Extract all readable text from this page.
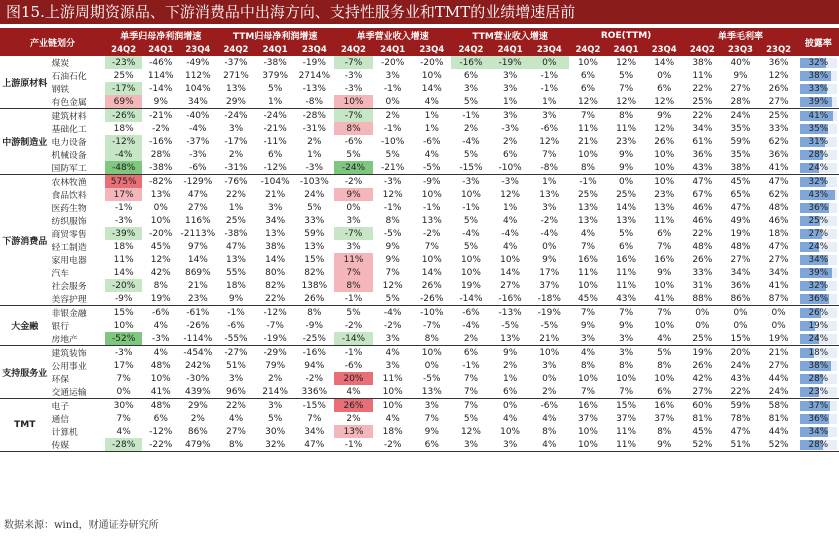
图15.上游周期资源品、下游消费品中出海方向、支持性服务业和TMT的业绩增速居前
产业链划分		单季归母净利润增速			TTM归母净利润增速			单季营业收入增速			TTM营业收入增速			ROE(TTM)			单季毛利率			披露率
		24Q2	24Q1	23Q4	24Q2	24Q1	23Q4	24Q2	24Q1	23Q4	24Q2	24Q1	23Q4	24Q2	24Q1	23Q4	24Q2	23Q3	23Q2	
上游原材料	煤炭	-23%	-46%	-49%	-37%	-38%	-19%	-7%	-20%	-20%	-16%	-19%	0%	10%	12%	14%	38%	40%	36%	32%

	石油石化	25%	114%	112%	271%	379%	2714%	-3%	3%	10%	6%	3%	-1%	6%	5%	0%	11%	9%	12%	38%

	钢铁	-17%	-14%	104%	13%	5%	-13%	-3%	-1%	14%	3%	3%	-1%	6%	7%	6%	22%	27%	26%	33%

	有色金属	69%	9%	34%	29%	1%	-8%	10%	0%	4%	5%	1%	1%	12%	12%	12%	25%	28%	27%	39%

中游制造业	建筑材料	-26%	-21%	-40%	-24%	-24%	-28%	-7%	2%	1%	-1%	3%	3%	7%	8%	9%	22%	24%	25%	41%

	基础化工	18%	-2%	-4%	3%	-21%	-31%	8%	-1%	1%	2%	-3%	-6%	11%	11%	12%	34%	35%	33%	35%

	电力设备	-12%	-16%	-37%	-17%	-11%	2%	-6%	-10%	-6%	-4%	2%	12%	21%	23%	26%	61%	59%	62%	31%

	机械设备	-4%	28%	-3%	2%	6%	1%	5%	5%	4%	5%	6%	7%	10%	9%	10%	36%	35%	36%	28%

	国防军工	-48%	-38%	-6%	-31%	-12%	-3%	-24%	-21%	-5%	-15%	-10%	-8%	8%	9%	10%	43%	38%	41%	24%

下游消费品	农林牧渔	575%	-82%	-129%	-76%	-104%	-103%	-2%	-3%	-9%	-3%	-3%	1%	-1%	0%	10%	47%	45%	47%	32%

	食品饮料	17%	13%	47%	22%	21%	24%	9%	12%	10%	10%	12%	13%	25%	25%	23%	67%	65%	62%	43%

	医药生物	-1%	0%	27%	1%	3%	5%	0%	-1%	-1%	-1%	1%	3%	13%	14%	13%	46%	47%	48%	36%

	纺织服饰	-3%	10%	116%	25%	34%	33%	3%	8%	13%	5%	4%	-2%	13%	13%	11%	46%	49%	46%	25%

	商贸零售	-39%	-20%	-2113%	-38%	13%	59%	-7%	-5%	-2%	-4%	-4%	-4%	4%	5%	6%	22%	19%	18%	27%

	轻工制造	18%	45%	97%	47%	38%	13%	3%	9%	7%	5%	4%	0%	7%	6%	7%	48%	48%	47%	24%

	家用电器	11%	12%	14%	13%	14%	15%	11%	9%	10%	10%	10%	9%	16%	16%	16%	26%	27%	27%	34%

	汽车	14%	42%	869%	55%	80%	82%	7%	7%	14%	10%	14%	17%	11%	11%	9%	33%	34%	34%	39%

	社会服务	-20%	8%	21%	18%	82%	138%	8%	12%	26%	19%	27%	37%	10%	11%	10%	31%	36%	41%	32%

	美容护理	-9%	19%	23%	9%	22%	26%	-1%	5%	-26%	-14%	-16%	-18%	45%	43%	41%	88%	86%	87%	36%

大金融	非银金融	15%	-6%	-61%	-1%	-12%	8%	5%	-4%	-10%	-6%	-13%	-19%	7%	7%	7%	0%	0%	0%	26%

	银行	10%	4%	-26%	-6%	-7%	-9%	-2%	-2%	-7%	-4%	-5%	-5%	9%	9%	10%	0%	0%	0%	19%

	房地产	-52%	-3%	-114%	-55%	-19%	-25%	-14%	3%	8%	2%	13%	21%	3%	3%	4%	25%	15%	19%	24%

支持服务业	建筑装饰	-3%	4%	-454%	-27%	-29%	-16%	-1%	4%	10%	6%	9%	10%	4%	3%	5%	19%	20%	21%	18%

	公用事业	17%	48%	242%	51%	79%	94%	-6%	3%	0%	-1%	2%	3%	8%	8%	8%	26%	24%	27%	38%

	环保	7%	10%	-30%	3%	2%	-2%	20%	11%	-5%	7%	1%	0%	10%	10%	10%	42%	43%	44%	28%

	交通运输	0%	41%	439%	96%	214%	336%	4%	10%	13%	7%	6%	2%	7%	7%	6%	27%	22%	24%	23%

TMT	电子	30%	48%	29%	22%	3%	-15%	26%	10%	3%	7%	0%	-6%	16%	15%	16%	60%	59%	58%	37%

	通信	7%	6%	2%	4%	5%	7%	2%	4%	7%	5%	4%	4%	37%	37%	37%	81%	78%	81%	36%

	计算机	4%	-12%	86%	27%	30%	34%	13%	18%	9%	12%	10%	8%	10%	11%	8%	45%	47%	44%	34%

	传媒	-28%	-22%	479%	8%	32%	47%	-1%	-2%	6%	3%	3%	4%	10%	11%	9%	52%	51%	52%	28%
数据来源：wind，财通证券研究所
